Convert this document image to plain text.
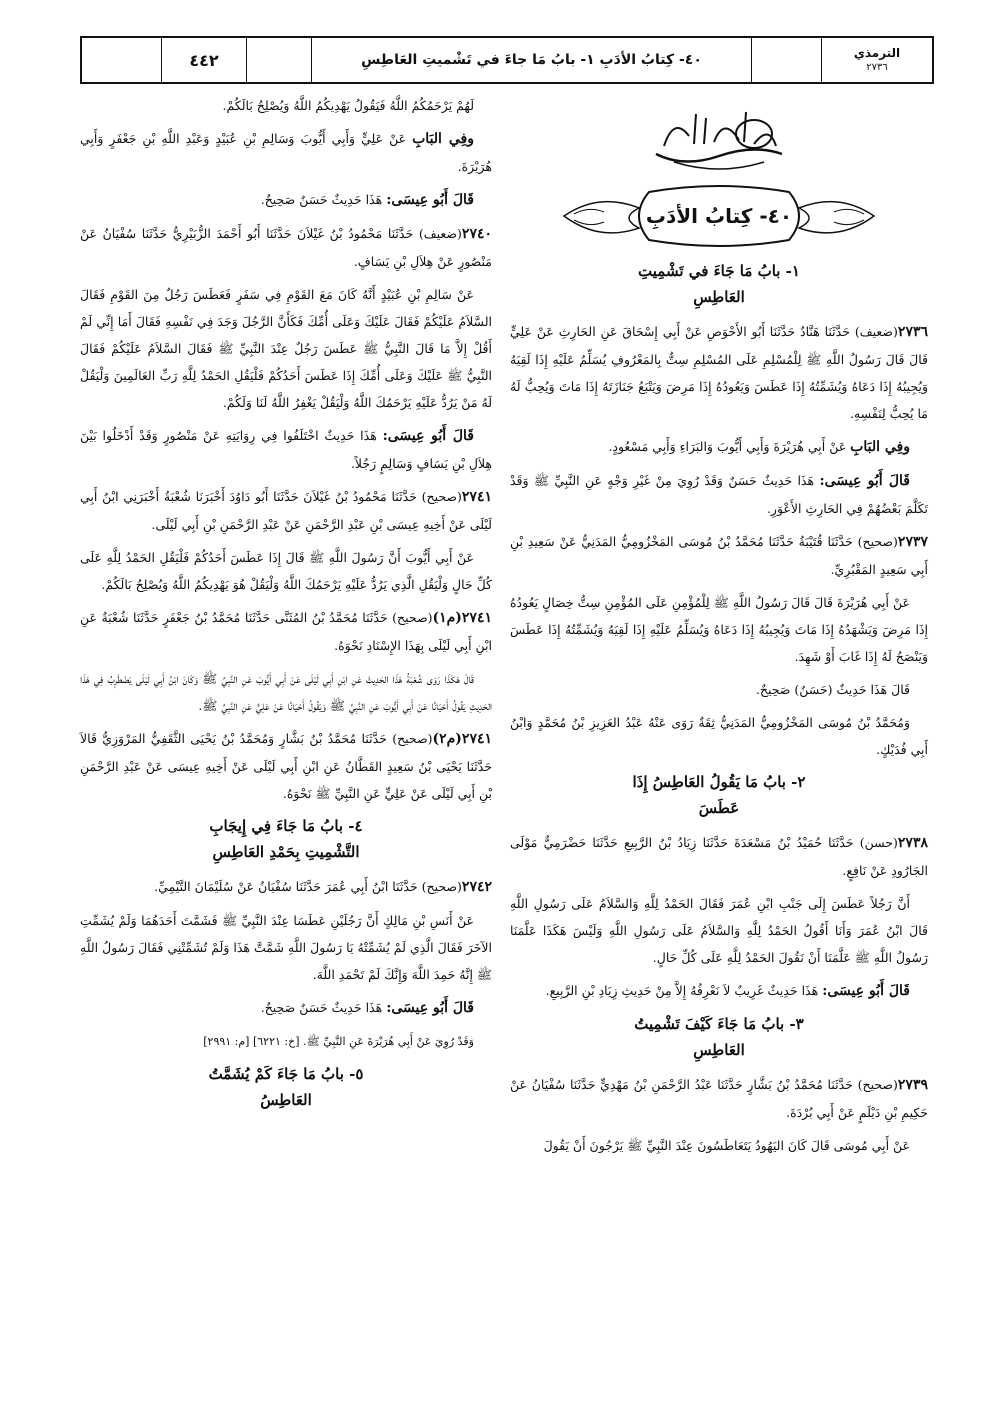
٤٤٢	٤٠- كِتابُ الأدَبِ ١- بابُ مَا جاءَ في تَشْميتِ العَاطِسِ	الترمذي
٢٧٣٦
٤٠- كِتابُ الأدَبِ
١- بابُ مَا جَاءَ في تَشْمِيتِ
العَاطِسِ

٢٧٣٦(ضعيف) حَدَّثَنَا هَنَّادٌ حَدَّثَنَا أَبُو الأَحْوَصِ عَنْ أَبِي إِسْحَاقَ عَنِ الحَارِثِ عَنْ عَلِيٍّ قَالَ قَالَ رَسُولُ اللَّهِ ﷺ لِلْمُسْلِمِ عَلَى المُسْلِمِ سِتٌّ بِالمَعْرُوفِ يُسَلِّمُ عَلَيْهِ إِذَا لَقِيَهُ وَيُجِيبُهُ إِذَا دَعَاهُ وَيُشَمِّتُهُ إِذَا عَطَسَ وَيَعُودُهُ إِذَا مَرِضَ وَيَتْبَعُ جَنَازَتَهُ إِذَا مَاتَ وَيُحِبُّ لَهُ مَا يُحِبُّ لِنَفْسِهِ.

وفِي البَابِ عَنْ أَبِي هُرَيْرَةَ وَأَبِي أَيُّوبَ وَالبَرَاءِ وَأَبِي مَسْعُودٍ.

قَالَ أَبُو عِيسَى: هَذَا حَدِيثٌ حَسَنٌ وَقَدْ رُوِيَ مِنْ غَيْرِ وَجْهٍ عَنِ النَّبِيِّ ﷺ وَقَدْ تَكَلَّمَ بَعْضُهُمْ فِي الحَارِثِ الأَعْوَرِ.

٢٧٣٧(صحيح) حَدَّثَنَا قُتَيْبَةُ حَدَّثَنَا مُحَمَّدُ بْنُ مُوسَى المَخْزُومِيُّ المَدَنِيُّ عَنْ سَعِيدِ بْنِ أَبِي سَعِيدٍ المَقْبُرِيِّ.

عَنْ أَبِي هُرَيْرَةَ قَالَ قَالَ رَسُولُ اللَّهِ ﷺ لِلْمُؤْمِنِ عَلَى المُؤْمِنِ سِتُّ خِصَالٍ يَعُودُهُ إِذَا مَرِضَ وَيَشْهَدُهُ إِذَا مَاتَ وَيُجِيبُهُ إِذَا دَعَاهُ وَيُسَلِّمُ عَلَيْهِ إِذَا لَقِيَهُ وَيُشَمِّتُهُ إِذَا عَطَسَ وَيَنْصَحُ لَهُ إِذَا غَابَ أَوْ شَهِدَ.

قَالَ هَذَا حَدِيثٌ (حَسَنٌ) صَحِيحٌ.

وَمُحَمَّدُ بْنُ مُوسَى المَخْزُومِيُّ المَدَنِيُّ ثِقَةٌ رَوَى عَنْهُ عَبْدُ العَزِيزِ بْنُ مُحَمَّدٍ وَابْنُ أَبِي فُدَيْكٍ.

٢- بابُ مَا يَقُولُ العَاطِسُ إِذَا
عَطَسَ

٢٧٣٨(حسن) حَدَّثَنَا حُمَيْدُ بْنُ مَسْعَدَةَ حَدَّثَنَا زِيَادُ بْنُ الرَّبِيعِ حَدَّثَنَا حَضْرَمِيٌّ مَوْلَى الجَارُودِ عَنْ نَافِعٍ.

أَنَّ رَجُلاً عَطَسَ إِلَى جَنْبِ ابْنِ عُمَرَ فَقَالَ الحَمْدُ لِلَّهِ وَالسَّلاَمُ عَلَى رَسُولِ اللَّهِ قَالَ ابْنُ عُمَرَ وَأَنَا أَقُولُ الحَمْدُ لِلَّهِ وَالسَّلاَمُ عَلَى رَسُولِ اللَّهِ وَلَيْسَ هَكَذَا عَلَّمَنَا رَسُولُ اللَّهِ ﷺ عَلَّمَنَا أَنْ نَقُولَ الحَمْدُ لِلَّهِ عَلَى كُلِّ حَالٍ.

قَالَ أَبُو عِيسَى: هَذَا حَدِيثٌ غَرِيبٌ لاَ نَعْرِفُهُ إِلاَّ مِنْ حَدِيثِ زِيَادِ بْنِ الرَّبِيعِ.

٣- بابُ مَا جَاءَ كَيْفَ تَشْمِيتُ
العَاطِسِ

٢٧٣٩(صحيح) حَدَّثَنَا مُحَمَّدُ بْنُ بَشَّارٍ حَدَّثَنَا عَبْدُ الرَّحْمَنِ بْنُ مَهْدِيٍّ حَدَّثَنَا سُفْيَانُ عَنْ حَكِيمِ بْنِ دَيْلَمٍ عَنْ أَبِي بُرْدَةَ.

عَنْ أَبِي مُوسَى قَالَ كَانَ اليَهُودُ يَتَعَاطَسُونَ عِنْدَ النَّبِيِّ ﷺ يَرْجُونَ أَنْ يَقُولَ

لَهُمْ يَرْحَمُكُمُ اللَّهُ فَيَقُولُ يَهْدِيكُمُ اللَّهُ وَيُصْلِحُ بَالَكُمْ.

وفِي البَابِ عَنْ عَلِيٍّ وَأَبِي أَيُّوبَ وَسَالِمِ بْنِ عُبَيْدٍ وَعَبْدِ اللَّهِ بْنِ جَعْفَرٍ وَأَبِي هُرَيْرَةَ.

قَالَ أَبُو عِيسَى: هَذَا حَدِيثٌ حَسَنٌ صَحِيحٌ.

٢٧٤٠(ضعيف) حَدَّثَنَا مَحْمُودُ بْنُ غَيْلاَنَ حَدَّثَنَا أَبُو أَحْمَدَ الزُّبَيْرِيُّ حَدَّثَنَا سُفْيَانُ عَنْ مَنْصُورٍ عَنْ هِلاَلِ بْنِ يَسَافٍ.

عَنْ سَالِمِ بْنِ عُبَيْدٍ أَنَّهُ كَانَ مَعَ القَوْمِ فِي سَفَرٍ فَعَطَسَ رَجُلٌ مِنَ القَوْمِ فَقَالَ السَّلاَمُ عَلَيْكُمْ فَقَالَ عَلَيْكَ وَعَلَى أُمِّكَ فَكَأَنَّ الرَّجُلَ وَجَدَ فِي نَفْسِهِ فَقَالَ أَمَا إِنِّي لَمْ أَقُلْ إِلاَّ مَا قَالَ النَّبِيُّ ﷺ عَطَسَ رَجُلٌ عِنْدَ النَّبِيِّ ﷺ فَقَالَ السَّلاَمُ عَلَيْكُمْ فَقَالَ النَّبِيُّ ﷺ عَلَيْكَ وَعَلَى أُمِّكَ إِذَا عَطَسَ أَحَدُكُمْ فَلْيَقُلِ الحَمْدُ لِلَّهِ رَبِّ العَالَمِينَ وَلْيَقُلْ لَهُ مَنْ يَرُدُّ عَلَيْهِ يَرْحَمُكَ اللَّهُ وَلْيَقُلْ يَغْفِرُ اللَّهُ لَنَا وَلَكُمْ.

قَالَ أَبُو عِيسَى: هَذَا حَدِيثٌ اخْتَلَفُوا فِي رِوَايَتِهِ عَنْ مَنْصُورٍ وَقَدْ أَدْخَلُوا بَيْنَ هِلاَلِ بْنِ يَسَافٍ وَسَالِمٍ رَجُلاً.

٢٧٤١(صحيح) حَدَّثَنَا مَحْمُودُ بْنُ غَيْلاَنَ حَدَّثَنَا أَبُو دَاوُدَ أَخْبَرَنَا شُعْبَةُ أَخْبَرَنِي ابْنُ أَبِي لَيْلَى عَنْ أَخِيهِ عِيسَى بْنِ عَبْدِ الرَّحْمَنِ عَنْ عَبْدِ الرَّحْمَنِ بْنِ أَبِي لَيْلَى.

عَنْ أَبِي أَيُّوبَ أَنَّ رَسُولَ اللَّهِ ﷺ قَالَ إِذَا عَطَسَ أَحَدُكُمْ فَلْيَقُلِ الحَمْدُ لِلَّهِ عَلَى كُلِّ حَالٍ وَلْيَقُلِ الَّذِي يَرُدُّ عَلَيْهِ يَرْحَمُكَ اللَّهُ وَلْيَقُلْ هُوَ يَهْدِيكُمُ اللَّهُ وَيُصْلِحُ بَالَكُمْ.

٢٧٤١(م١)(صحيح) حَدَّثَنَا مُحَمَّدُ بْنُ المُثَنَّى حَدَّثَنَا مُحَمَّدُ بْنُ جَعْفَرٍ حَدَّثَنَا شُعْبَةُ عَنِ ابْنِ أَبِي لَيْلَى بِهَذَا الإِسْنَادِ نَحْوَهُ.

قَالَ هَكَذَا رَوَى شُعْبَةُ هَذَا الحَدِيثَ عَنِ ابْنِ أَبِي لَيْلَى عَنْ أَبِي أَيُّوبَ عَنِ النَّبِيِّ ﷺ وَكَانَ ابْنُ أَبِي لَيْلَى يَضْطَرِبُ فِي هَذَا الحَدِيثِ يَقُولُ أَحْيَانًا عَنْ أَبِي أَيُّوبَ عَنِ النَّبِيِّ ﷺ وَيَقُولُ أَحْيَانًا عَنْ عَلِيٍّ عَنِ النَّبِيِّ ﷺ.

٢٧٤١(م٢)(صحيح) حَدَّثَنَا مُحَمَّدُ بْنُ بَشَّارٍ وَمُحَمَّدُ بْنُ يَحْيَى الثَّقَفِيُّ المَرْوَزِيُّ قَالاَ حَدَّثَنَا يَحْيَى بْنُ سَعِيدٍ القَطَّانُ عَنِ ابْنِ أَبِي لَيْلَى عَنْ أَخِيهِ عِيسَى عَنْ عَبْدِ الرَّحْمَنِ بْنِ أَبِي لَيْلَى عَنْ عَلِيٍّ عَنِ النَّبِيِّ ﷺ نَحْوَهُ.

٤- بابُ مَا جَاءَ فِي إِيجَابِ
التَّشْمِيتِ بِحَمْدِ العَاطِسِ

٢٧٤٢(صحيح) حَدَّثَنَا ابْنُ أَبِي عُمَرَ حَدَّثَنَا سُفْيَانُ عَنْ سُلَيْمَانَ التَّيْمِيِّ.

عَنْ أَنَسِ بْنِ مَالِكٍ أَنَّ رَجُلَيْنِ عَطَسَا عِنْدَ النَّبِيِّ ﷺ فَشَمَّتَ أَحَدَهُمَا وَلَمْ يُشَمِّتِ الآخَرَ فَقَالَ الَّذِي لَمْ يُشَمِّتْهُ يَا رَسُولَ اللَّهِ شَمَّتَّ هَذَا وَلَمْ تُشَمِّتْنِي فَقَالَ رَسُولُ اللَّهِ ﷺ إِنَّهُ حَمِدَ اللَّهَ وَإِنَّكَ لَمْ تَحْمَدِ اللَّهَ.

قَالَ أَبُو عِيسَى: هَذَا حَدِيثٌ حَسَنٌ صَحِيحٌ.

وَقَدْ رُوِيَ عَنْ أَبِي هُرَيْرَةَ عَنِ النَّبِيِّ ﷺ. [خ: ٦٢٢١] [م: ٢٩٩١]

٥- بابُ مَا جَاءَ كَمْ يُشَمَّتُ
العَاطِسُ
